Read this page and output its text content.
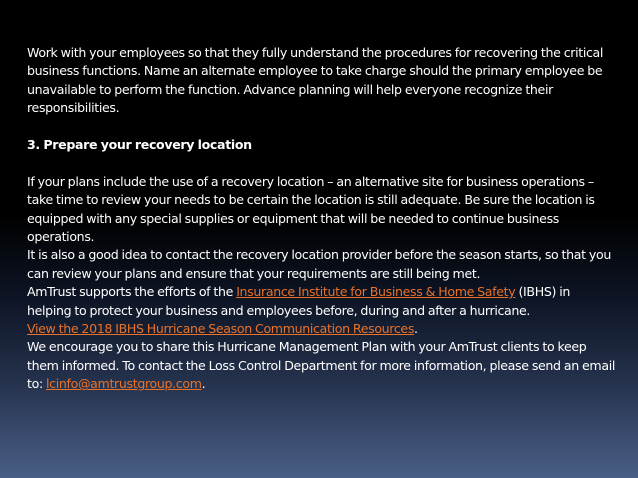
Work with your employees so that they fully understand the procedures for recovering the critical business functions. Name an alternate employee to take charge should the primary employee be unavailable to perform the function. Advance planning will help everyone recognize their responsibilities.

3. Prepare your recovery location

If your plans include the use of a recovery location – an alternative site for business operations – take time to review your needs to be certain the location is still adequate. Be sure the location is equipped with any special supplies or equipment that will be needed to continue business operations.

It is also a good idea to contact the recovery location provider before the season starts, so that you can review your plans and ensure that your requirements are still being met.

AmTrust supports the efforts of the Insurance Institute for Business & Home Safety (IBHS) in helping to protect your business and employees before, during and after a hurricane.

View the 2018 IBHS Hurricane Season Communication Resources.

We encourage you to share this Hurricane Management Plan with your AmTrust clients to keep them informed. To contact the Loss Control Department for more information, please send an email to: lcinfo@amtrustgroup.com.
